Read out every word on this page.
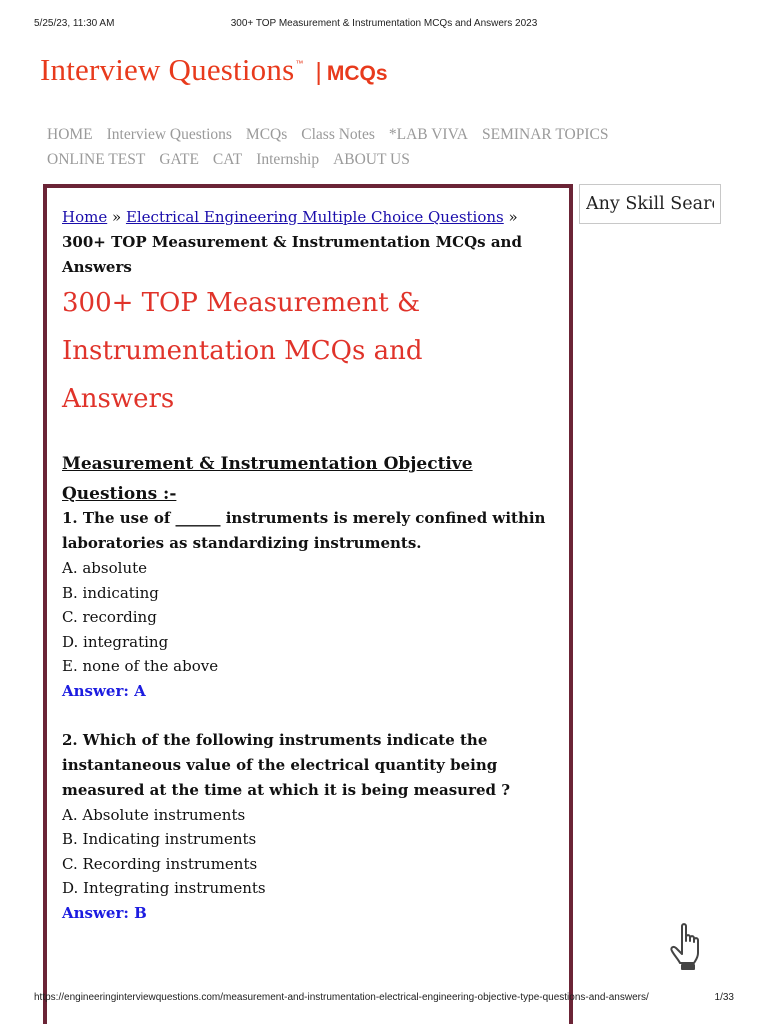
5/25/23, 11:30 AM	300+ TOP Measurement & Instrumentation MCQs and Answers 2023
Interview Questions ™ | MCQs
HOME Interview Questions MCQs Class Notes *LAB VIVA SEMINAR TOPICS
ONLINE TEST GATE CAT Internship ABOUT US
Home » Electrical Engineering Multiple Choice Questions » 300+ TOP Measurement & Instrumentation MCQs and Answers
300+ TOP Measurement & Instrumentation MCQs and Answers
Measurement & Instrumentation Objective Questions :-
1. The use of ______ instruments is merely confined within laboratories as standardizing instruments.
A. absolute
B. indicating
C. recording
D. integrating
E. none of the above
Answer: A
2. Which of the following instruments indicate the instantaneous value of the electrical quantity being measured at the time at which it is being measured ?
A. Absolute instruments
B. Indicating instruments
C. Recording instruments
D. Integrating instruments
Answer: B
Any Skill Search
https://engineeringinterviewquestions.com/measurement-and-instrumentation-electrical-engineering-objective-type-questions-and-answers/	1/33
